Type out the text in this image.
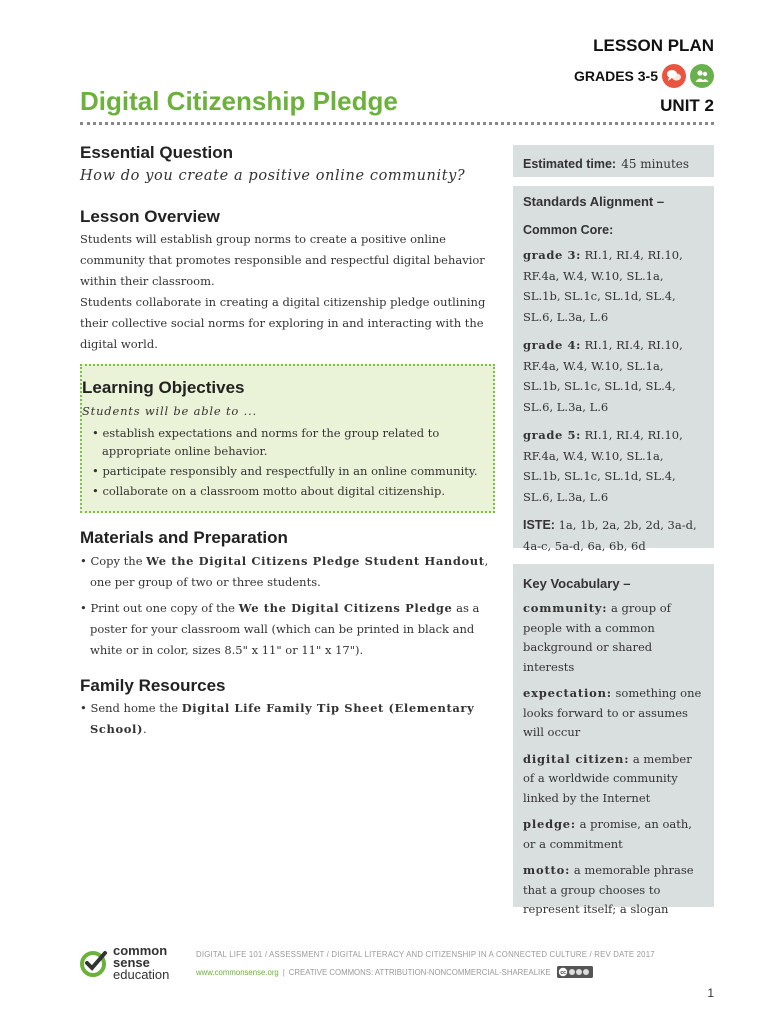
LESSON PLAN
GRADES 3-5
UNIT 2
Digital Citizenship Pledge
Essential Question

How do you create a positive online community?

Lesson Overview

Students will establish group norms to create a positive online community that promotes responsible and respectful digital behavior within their classroom.

Students collaborate in creating a digital citizenship pledge outlining their collective social norms for exploring in and interacting with the digital world.

Learning Objectives

Students will be able to ...

• establish expectations and norms for the group related to appropriate online behavior.
• participate responsibly and respectfully in an online community.
• collaborate on a classroom motto about digital citizenship.
Materials and Preparation
• Copy the We the Digital Citizens Pledge Student Handout, one per group of two or three students.
• Print out one copy of the We the Digital Citizens Pledge as a poster for your classroom wall (which can be printed in black and white or in color, sizes 8.5" x 11" or 11" x 17").
Family Resources
• Send home the Digital Life Family Tip Sheet (Elementary School).
Estimated time: 45 minutes
Standards Alignment –
Common Core:
grade 3: RI.1, RI.4, RI.10, RF.4a, W.4, W.10, SL.1a, SL.1b, SL.1c, SL.1d, SL.4, SL.6, L.3a, L.6
grade 4: RI.1, RI.4, RI.10, RF.4a, W.4, W.10, SL.1a, SL.1b, SL.1c, SL.1d, SL.4, SL.6, L.3a, L.6
grade 5: RI.1, RI.4, RI.10, RF.4a, W.4, W.10, SL.1a, SL.1b, SL.1c, SL.1d, SL.4, SL.6, L.3a, L.6
ISTE: 1a, 1b, 2a, 2b, 2d, 3a-d, 4a-c, 5a-d, 6a, 6b, 6d
Key Vocabulary –
community: a group of people with a common background or shared interests
expectation: something one looks forward to or assumes will occur
digital citizen: a member of a worldwide community linked by the Internet
pledge: a promise, an oath, or a commitment
motto: a memorable phrase that a group chooses to represent itself; a slogan
common
sense
education
DIGITAL LIFE 101 / ASSESSMENT / DIGITAL LITERACY AND CITIZENSHIP IN A CONNECTED CULTURE / REV DATE 2017
www.commonsense.org | CREATIVE COMMONS: ATTRIBUTION-NONCOMMERCIAL-SHAREALIKE cc
1
